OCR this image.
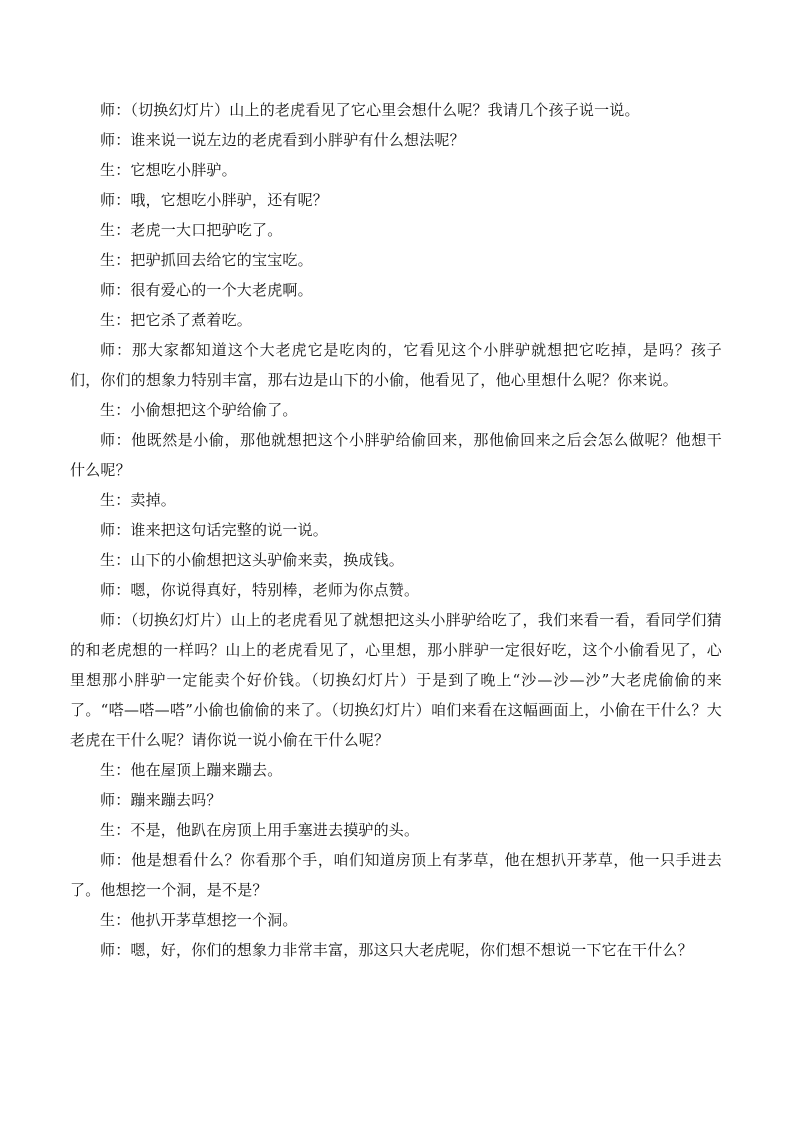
师：（切换幻灯片）山上的老虎看见了它心里会想什么呢？我请几个孩子说一说。

师：谁来说一说左边的老虎看到小胖驴有什么想法呢？

生：它想吃小胖驴。

师：哦，它想吃小胖驴，还有呢？

生：老虎一大口把驴吃了。

生：把驴抓回去给它的宝宝吃。

师：很有爱心的一个大老虎啊。

生：把它杀了煮着吃。

师：那大家都知道这个大老虎它是吃肉的，它看见这个小胖驴就想把它吃掉，是吗？孩子们，你们的想象力特别丰富，那右边是山下的小偷，他看见了，他心里想什么呢？你来说。

生：小偷想把这个驴给偷了。

师：他既然是小偷，那他就想把这个小胖驴给偷回来，那他偷回来之后会怎么做呢？他想干什么呢？

生：卖掉。

师：谁来把这句话完整的说一说。

生：山下的小偷想把这头驴偷来卖，换成钱。

师：嗯，你说得真好，特别棒，老师为你点赞。

师：（切换幻灯片）山上的老虎看见了就想把这头小胖驴给吃了，我们来看一看，看同学们猜的和老虎想的一样吗？山上的老虎看见了，心里想，那小胖驴一定很好吃，这个小偷看见了，心里想那小胖驴一定能卖个好价钱。（切换幻灯片）于是到了晚上“沙—沙—沙”大老虎偷偷的来了。“嗒—嗒—嗒”小偷也偷偷的来了。（切换幻灯片）咱们来看在这幅画面上，小偷在干什么？大老虎在干什么呢？请你说一说小偷在干什么呢？

生：他在屋顶上蹦来蹦去。

师：蹦来蹦去吗？

生：不是，他趴在房顶上用手塞进去摸驴的头。

师：他是想看什么？你看那个手，咱们知道房顶上有茅草，他在想扒开茅草，他一只手进去了。他想挖一个洞，是不是？

生：他扒开茅草想挖一个洞。

师：嗯，好，你们的想象力非常丰富，那这只大老虎呢，你们想不想说一下它在干什么？
